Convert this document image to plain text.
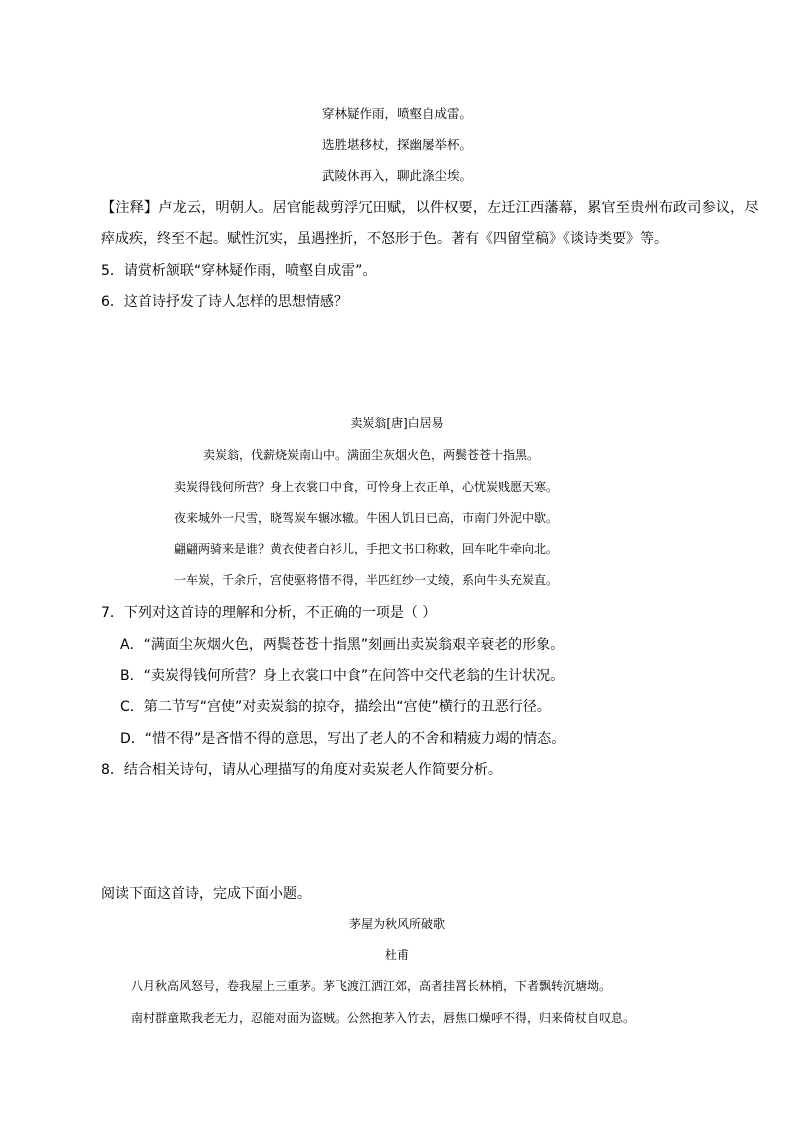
穿林疑作雨，喷壑自成雷。
选胜堪移杖，探幽屡举杯。
武陵休再入，聊此涤尘埃。
【注释】卢龙云，明朝人。居官能裁剪浮冗田赋，以件权要，左迁江西藩幕，累官至贵州布政司参议，尽
瘁成疾，终至不起。赋性沉实，虽遇挫折，不怒形于色。著有《四留堂稿》《谈诗类要》等。
5．请赏析颔联“穿林疑作雨，喷壑自成雷”。
6．这首诗抒发了诗人怎样的思想情感？
卖炭翁[唐]白居易
卖炭翁，伐薪烧炭南山中。满面尘灰烟火色，两鬓苍苍十指黑。
卖炭得钱何所营？身上衣裳口中食，可怜身上衣正单，心忧炭贱愿天寒。
夜来城外一尺雪，晓驾炭车辗冰辙。牛困人饥日已高，市南门外泥中歇。
翩翩两骑来是谁？黄衣使者白衫儿，手把文书口称敕，回车叱牛牵向北。
一车炭，千余斤，宫使驱将惜不得，半匹红纱一丈绫，系向牛头充炭直。
7．下列对这首诗的理解和分析，不正确的一项是（ ）
A．“满面尘灰烟火色，两鬓苍苍十指黑”刻画出卖炭翁艰辛衰老的形象。
B．“卖炭得钱何所营？身上衣裳口中食”在问答中交代老翁的生计状况。
C．第二节写“宫使”对卖炭翁的掠夺，描绘出“宫使”横行的丑恶行径。
D．“惜不得”是吝惜不得的意思，写出了老人的不舍和精疲力竭的情态。
8．结合相关诗句，请从心理描写的角度对卖炭老人作简要分析。
阅读下面这首诗，完成下面小题。
茅屋为秋风所破歌
杜甫
八月秋高风怒号，卷我屋上三重茅。茅飞渡江洒江郊，高者挂罥长林梢，下者飘转沉塘坳。
南村群童欺我老无力，忍能对面为盗贼。公然抱茅入竹去，唇焦口燥呼不得，归来倚杖自叹息。
